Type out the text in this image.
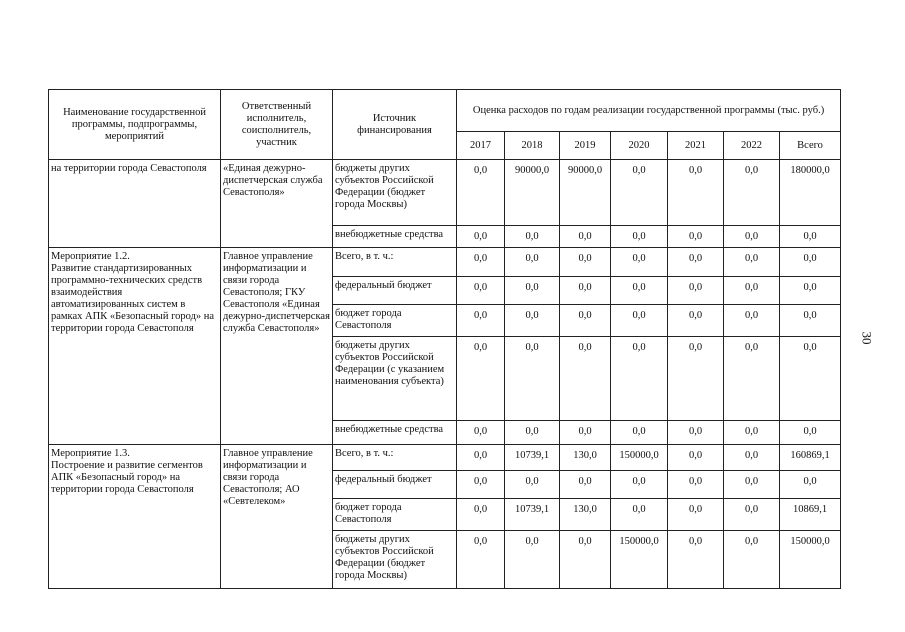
Наименование государственной программы, подпрограммы, мероприятий	Ответственный исполнитель, соисполнитель, участник	Источник финансирования	Оценка расходов по годам реализации государственной программы (тыс. руб.)						
			2017	2018	2019	2020	2021	2022	Всего
на территории города Севастополя	«Единая дежурно-диспетчерская служба Севастополя»	бюджеты других субъектов Российской Федерации (бюджет города Москвы)	0,0	90000,0	90000,0	0,0	0,0	0,0	180000,0
		внебюджетные средства	0,0	0,0	0,0	0,0	0,0	0,0	0,0
Мероприятие 1.2.
Развитие стандартизированных программно-технических средств взаимодействия автоматизированных систем в рамках АПК «Безопасный город» на территории города Севастополя	Главное управление информатизации и связи города Севастополя; ГКУ Севастополя «Единая дежурно-диспетчерская служба Севастополя»	Всего, в т. ч.:	0,0	0,0	0,0	0,0	0,0	0,0	0,0
		федеральный бюджет	0,0	0,0	0,0	0,0	0,0	0,0	0,0
		бюджет города Севастополя	0,0	0,0	0,0	0,0	0,0	0,0	0,0
		бюджеты других субъектов Российской Федерации (с указанием наименования субъекта)	0,0	0,0	0,0	0,0	0,0	0,0	0,0
		внебюджетные средства	0,0	0,0	0,0	0,0	0,0	0,0	0,0
Мероприятие 1.3.
Построение и развитие сегментов АПК «Безопасный город» на территории города Севастополя	Главное управление информатизации и связи города Севастополя; АО «Севтелеком»	Всего, в т. ч.:	0,0	10739,1	130,0	150000,0	0,0	0,0	160869,1
		федеральный бюджет	0,0	0,0	0,0	0,0	0,0	0,0	0,0
		бюджет города Севастополя	0,0	10739,1	130,0	0,0	0,0	0,0	10869,1
		бюджеты других субъектов Российской Федерации (бюджет города Москвы)	0,0	0,0	0,0	150000,0	0,0	0,0	150000,0
30
